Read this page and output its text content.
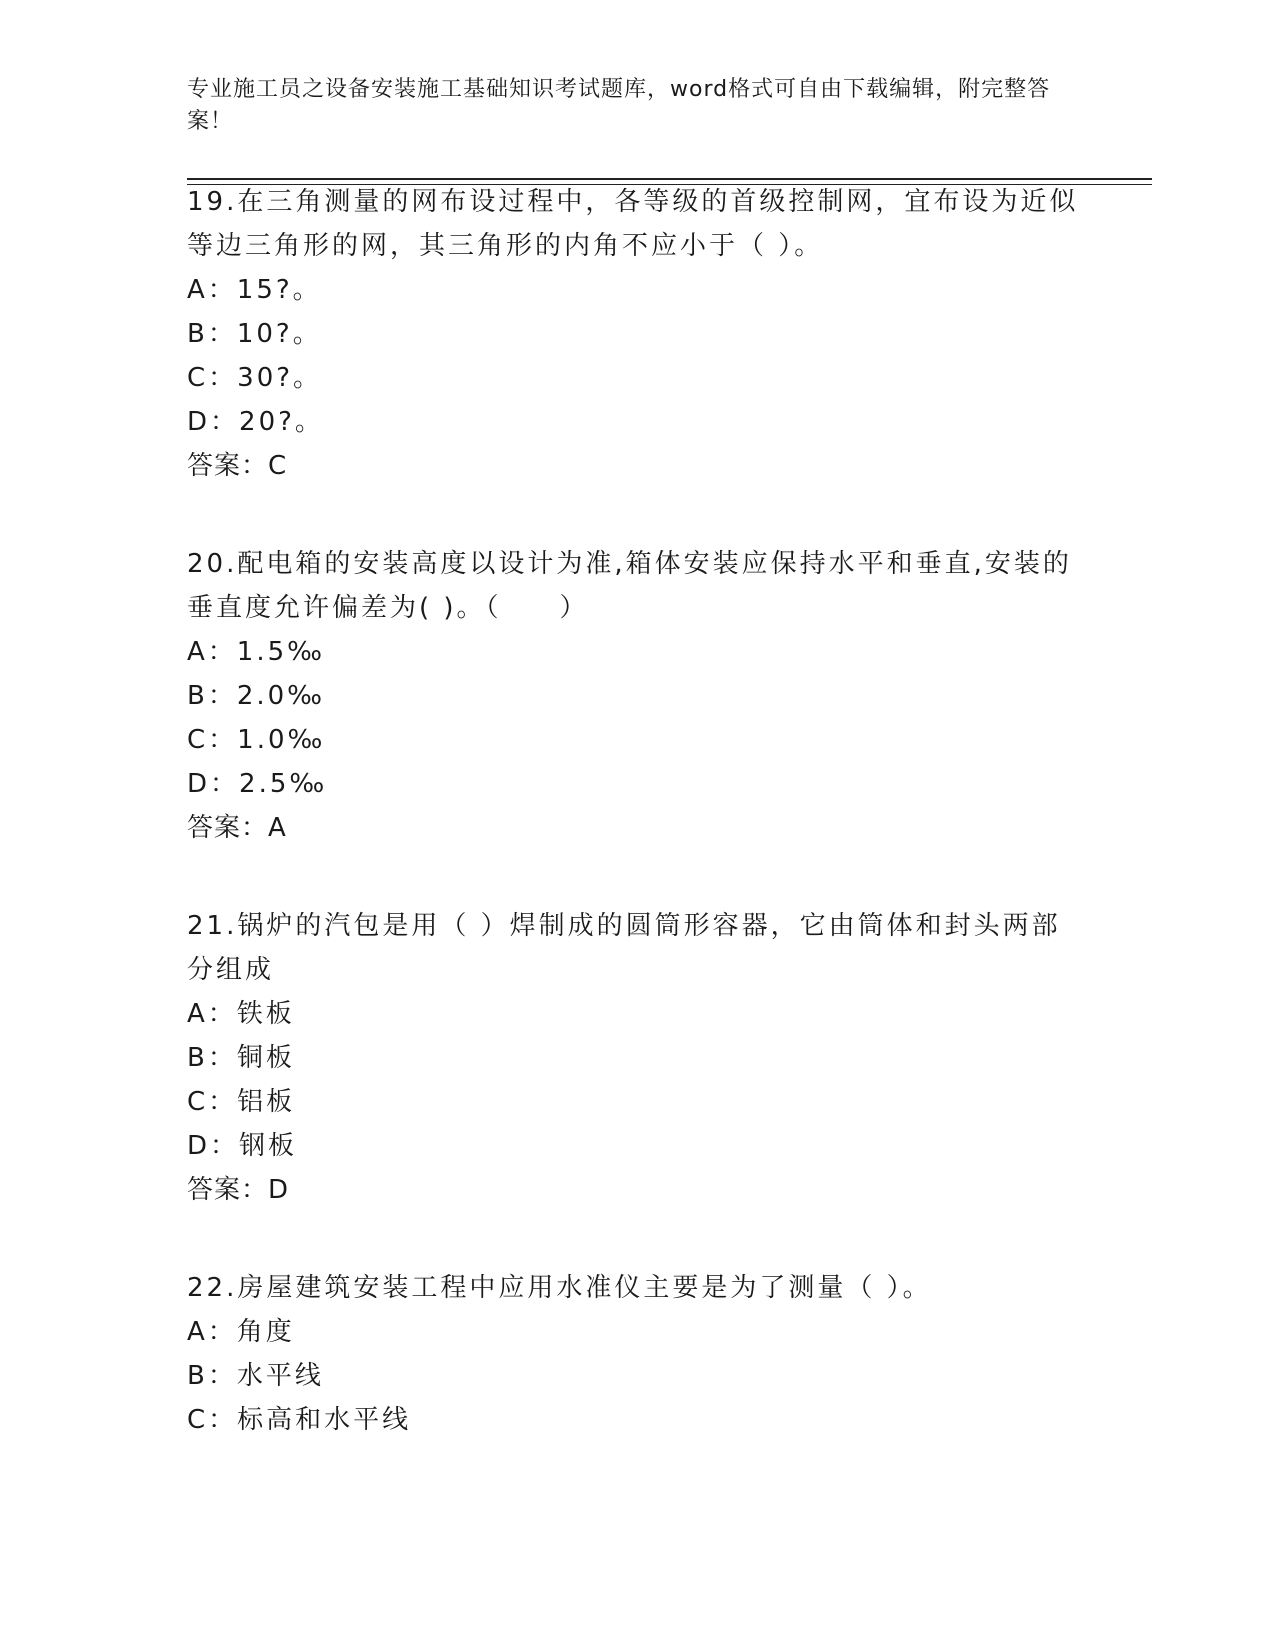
专业施工员之设备安装施工基础知识考试题库，word格式可自由下载编辑，附完整答案！
19.在三角测量的网布设过程中，各等级的首级控制网，宜布设为近似
等边三角形的网，其三角形的内角不应小于（ ）。
A：15?。
B：10?。
C：30?。
D：20?。
答案：C
20.配电箱的安装高度以设计为准,箱体安装应保持水平和垂直,安装的
垂直度允许偏差为( )。（　　）
A：1.5‰
B：2.0‰
C：1.0‰
D：2.5‰
答案：A
21.锅炉的汽包是用（ ）焊制成的圆筒形容器，它由筒体和封头两部
分组成
A：铁板
B：铜板
C：铝板
D：钢板
答案：D
22.房屋建筑安装工程中应用水准仪主要是为了测量（ ）。
A：角度
B：水平线
C：标高和水平线
